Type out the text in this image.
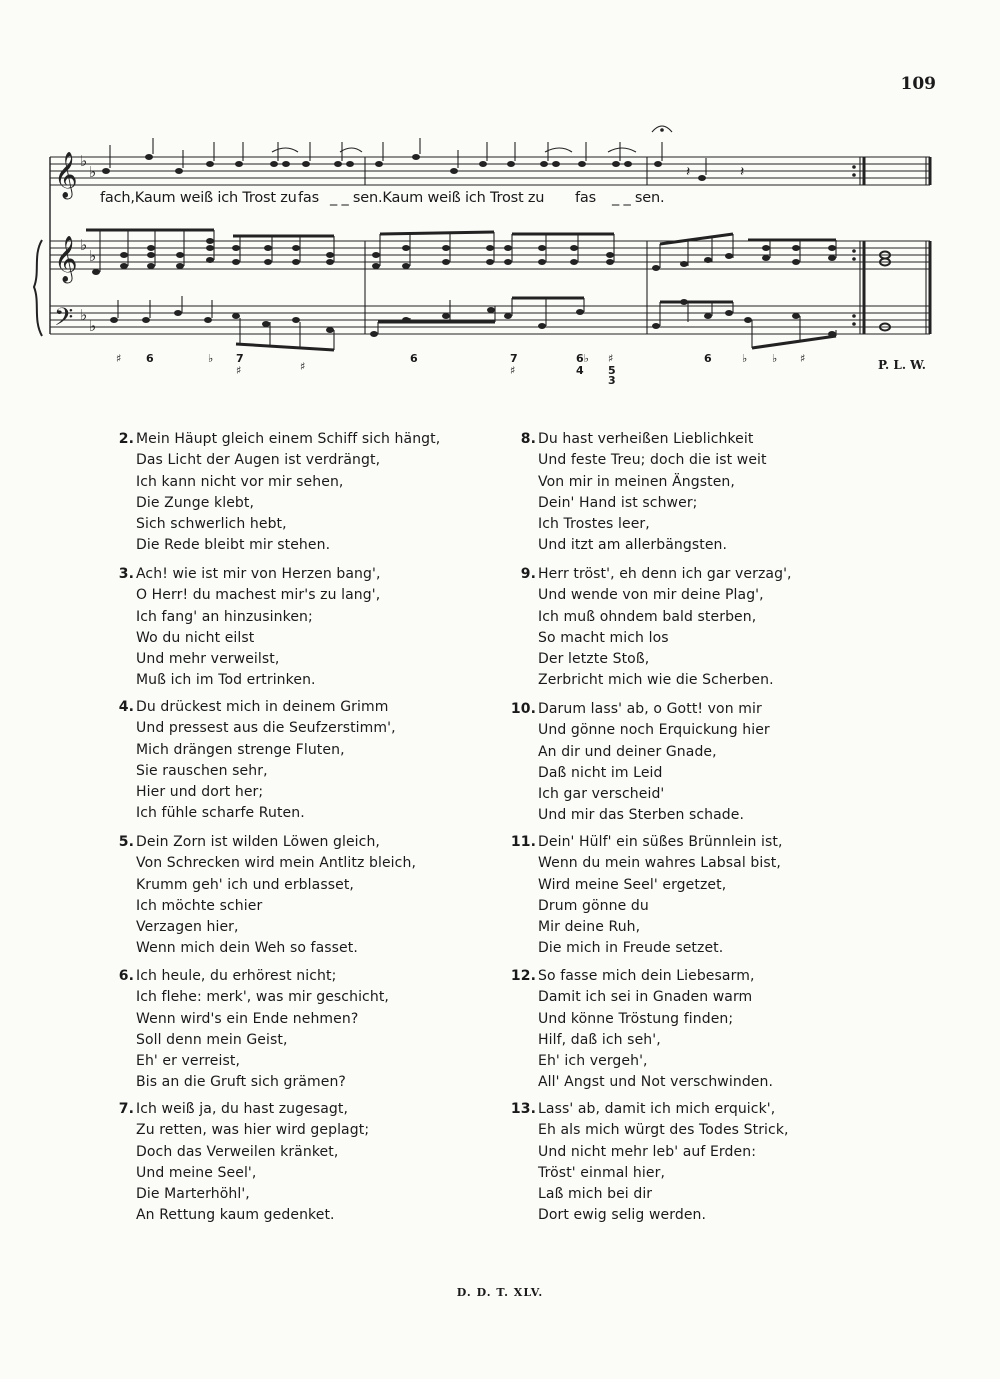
109
𝄞
𝄞
𝄢
♭
♭
♭
♭
♭
♭
𝄽	𝄽
fach,Kaum weiß ich Trost zu fas _ _ sen.Kaum weiß ich Trost zu fas _ _ sen.
♯ 6	♭ 7
♯	♯
6	7	6♭ ♯	6	♭ ♭ ♯
♯	5
4
3
P. L. W.
2. Mein Häupt gleich einem Schiff sich hängt,
Das Licht der Augen ist verdrängt,
Ich kann nicht vor mir sehen,
Die Zunge klebt,
Sich schwerlich hebt,
Die Rede bleibt mir stehen.
3. Ach! wie ist mir von Herzen bang',
O Herr! du machest mir's zu lang',
Ich fang' an hinzusinken;
Wo du nicht eilst
Und mehr verweilst,
Muß ich im Tod ertrinken.
4. Du drückest mich in deinem Grimm
Und pressest aus die Seufzerstimm',
Mich drängen strenge Fluten,
Sie rauschen sehr,
Hier und dort her;
Ich fühle scharfe Ruten.
5. Dein Zorn ist wilden Löwen gleich,
Von Schrecken wird mein Antlitz bleich,
Krumm geh' ich und erblasset,
Ich möchte schier
Verzagen hier,
Wenn mich dein Weh so fasset.
6. Ich heule, du erhörest nicht;
Ich flehe: merk', was mir geschicht,
Wenn wird's ein Ende nehmen?
Soll denn mein Geist,
Eh' er verreist,
Bis an die Gruft sich grämen?
7. Ich weiß ja, du hast zugesagt,
Zu retten, was hier wird geplagt;
Doch das Verweilen kränket,
Und meine Seel',
Die Marterhöhl',
An Rettung kaum gedenket.
8. Du hast verheißen Lieblichkeit
Und feste Treu; doch die ist weit
Von mir in meinen Ängsten,
Dein' Hand ist schwer;
Ich Trostes leer,
Und itzt am allerbängsten.
9. Herr tröst', eh denn ich gar verzag',
Und wende von mir deine Plag',
Ich muß ohndem bald sterben,
So macht mich los
Der letzte Stoß,
Zerbricht mich wie die Scherben.
10. Darum lass' ab, o Gott! von mir
Und gönne noch Erquickung hier
An dir und deiner Gnade,
Daß nicht im Leid
Ich gar verscheid'
Und mir das Sterben schade.
11. Dein' Hülf' ein süßes Brünnlein ist,
Wenn du mein wahres Labsal bist,
Wird meine Seel' ergetzet,
Drum gönne du
Mir deine Ruh,
Die mich in Freude setzet.
12. So fasse mich dein Liebesarm,
Damit ich sei in Gnaden warm
Und könne Tröstung finden;
Hilf, daß ich seh',
Eh' ich vergeh',
All' Angst und Not verschwinden.
13. Lass' ab, damit ich mich erquick',
Eh als mich würgt des Todes Strick,
Und nicht mehr leb' auf Erden:
Tröst' einmal hier,
Laß mich bei dir
Dort ewig selig werden.
D. D. T. XLV.
